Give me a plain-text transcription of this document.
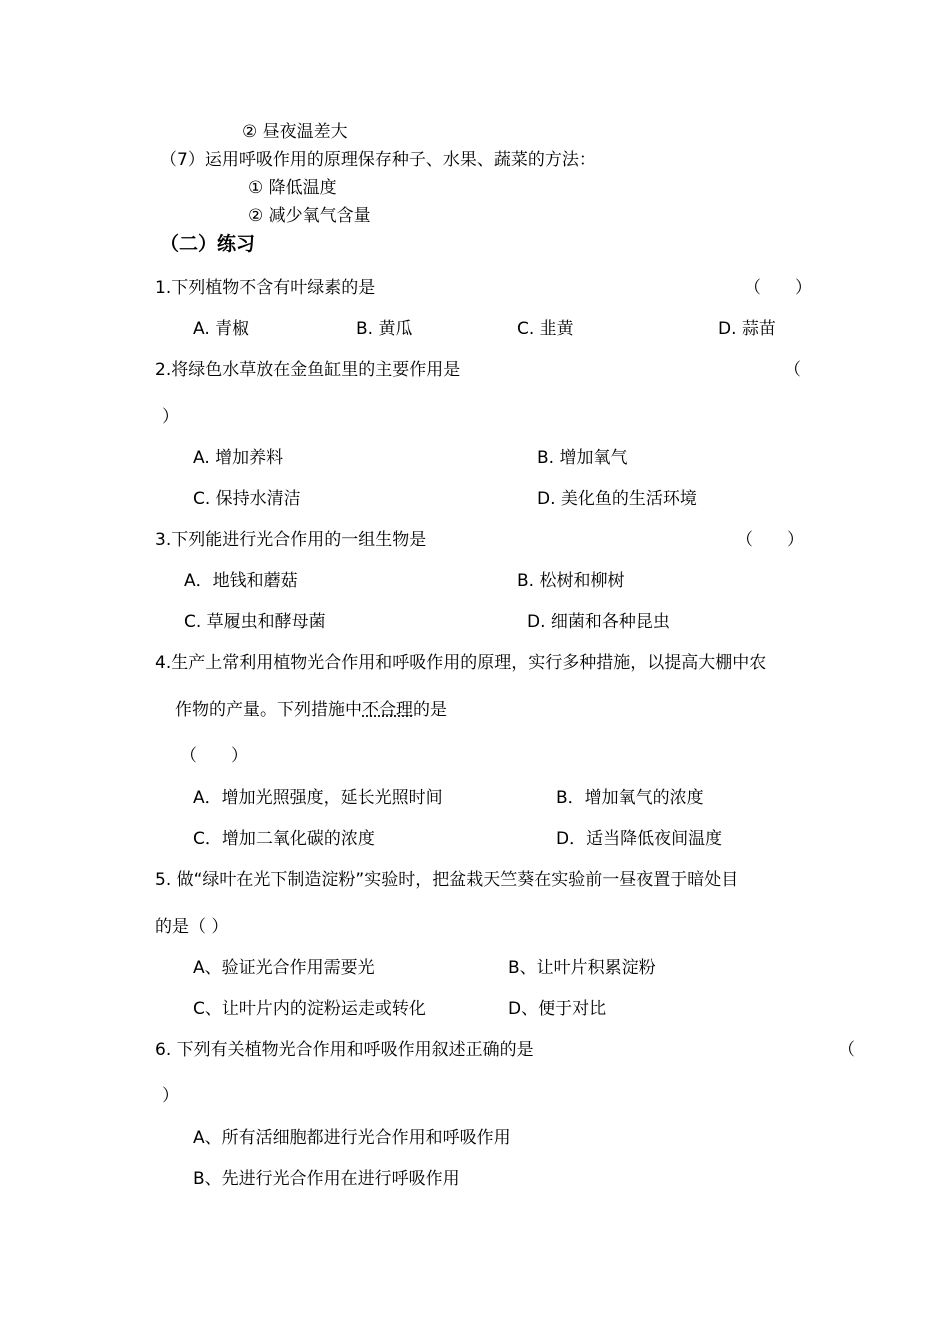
② 昼夜温差大
（7）运用呼吸作用的原理保存种子、水果、蔬菜的方法：
① 降低温度
② 减少氧气含量
（二）练习
1.下列植物不含有叶绿素的是	（　　）
A. 青椒	B. 黄瓜	C. 韭黄	D. 蒜苗
2.将绿色水草放在金鱼缸里的主要作用是	（
）
A. 增加养料	B. 增加氧气
C. 保持水清洁	D. 美化鱼的生活环境
3.下列能进行光合作用的一组生物是	（　　）
A．地钱和蘑菇	B. 松树和柳树
C. 草履虫和酵母菌	D. 细菌和各种昆虫
4.生产上常利用植物光合作用和呼吸作用的原理，实行多种措施，以提高大棚中农
作物的产量。下列措施中不合理的是
（　　）
A．增加光照强度，延长光照时间	B．增加氧气的浓度
C．增加二氧化碳的浓度	D．适当降低夜间温度
5. 做“绿叶在光下制造淀粉”实验时，把盆栽天竺葵在实验前一昼夜置于暗处目
的是（ ）
A、验证光合作用需要光	B、让叶片积累淀粉
C、让叶片内的淀粉运走或转化	D、便于对比
6. 下列有关植物光合作用和呼吸作用叙述正确的是	（
）
A、所有活细胞都进行光合作用和呼吸作用
B、先进行光合作用在进行呼吸作用
